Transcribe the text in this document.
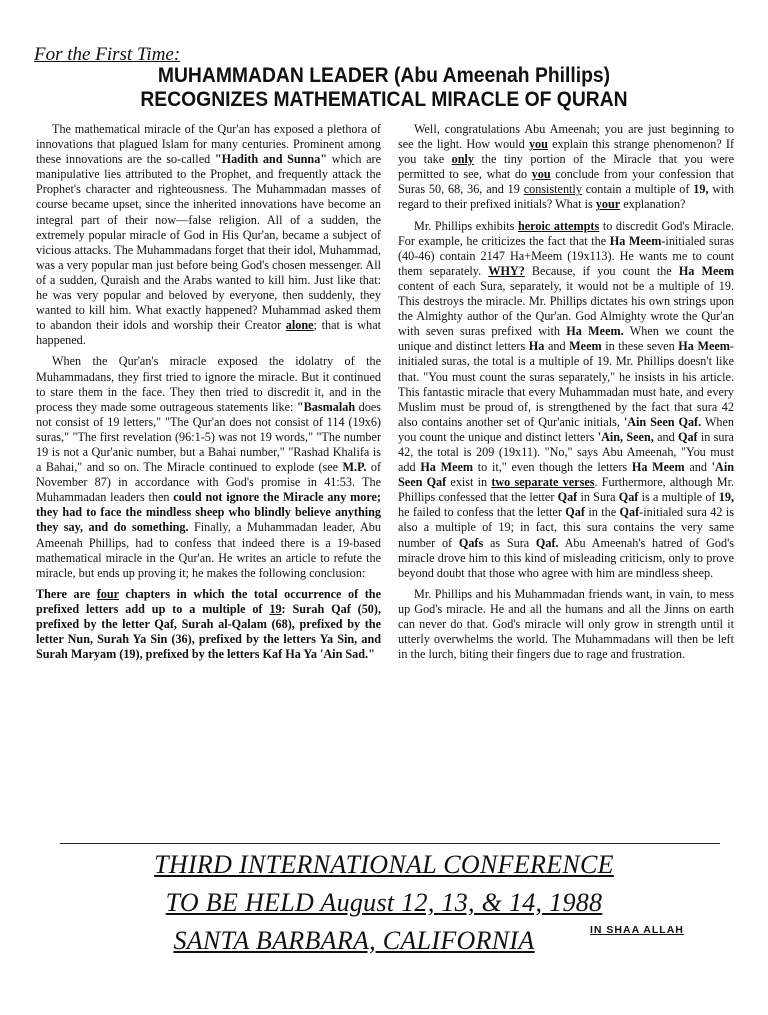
For the First Time:
MUHAMMADAN LEADER (Abu Ameenah Phillips)
RECOGNIZES MATHEMATICAL MIRACLE OF QURAN

The mathematical miracle of the Qur'an has exposed a plethora of innovations that plagued Islam for many centuries. Prominent among these innovations are the so-called "Hadith and Sunna" which are manipulative lies attributed to the Prophet, and frequently attack the Prophet's character and righteousness. The Muhammadan masses of course became upset, since the inherited innovations have become an integral part of their now—false religion. All of a sudden, the extremely popular miracle of God in His Qur'an, became a subject of vicious attacks. The Muhammadans forget that their idol, Muhammad, was a very popular man just before being God's chosen messenger. All of a sudden, Quraish and the Arabs wanted to kill him. Just like that: he was very popular and beloved by everyone, then suddenly, they wanted to kill him. What exactly happened? Muhammad asked them to abandon their idols and worship their Creator alone; that is what happened.

When the Qur'an's miracle exposed the idolatry of the Muhammadans, they first tried to ignore the miracle. But it continued to stare them in the face. They then tried to discredit it, and in the process they made some outrageous statements like: "Basmalah does not consist of 19 letters," "The Qur'an does not consist of 114 (19x6) suras," "The first revelation (96:1-5) was not 19 words," "The number 19 is not a Qur'anic number, but a Bahai number," "Rashad Khalifa is a Bahai," and so on. The Miracle continued to explode (see M.P. of November 87) in accordance with God's promise in 41:53. The Muhammadan leaders then could not ignore the Miracle any more; they had to face the mindless sheep who blindly believe anything they say, and do something. Finally, a Muhammadan leader, Abu Ameenah Phillips, had to confess that indeed there is a 19-based mathematical miracle in the Qur'an. He writes an article to refute the miracle, but ends up proving it; he makes the following conclusion:

There are four chapters in which the total occurrence of the prefixed letters add up to a multiple of 19: Surah Qaf (50), prefixed by the letter Qaf, Surah al-Qalam (68), prefixed by the letter Nun, Surah Ya Sin (36), prefixed by the letters Ya Sin, and Surah Maryam (19), prefixed by the letters Kaf Ha Ya 'Ain Sad."

Well, congratulations Abu Ameenah; you are just beginning to see the light. How would you explain this strange phenomenon? If you take only the tiny portion of the Miracle that you were permitted to see, what do you conclude from your confession that Suras 50, 68, 36, and 19 consistently contain a multiple of 19, with regard to their prefixed initials? What is your explanation?

Mr. Phillips exhibits heroic attempts to discredit God's Miracle. For example, he criticizes the fact that the Ha Meem-initialed suras (40-46) contain 2147 Ha+Meem (19x113). He wants me to count them separately. WHY? Because, if you count the Ha Meem content of each Sura, separately, it would not be a multiple of 19. This destroys the miracle. Mr. Phillips dictates his own strings upon the Almighty author of the Qur'an. God Almighty wrote the Qur'an with seven suras prefixed with Ha Meem. When we count the unique and distinct letters Ha and Meem in these seven Ha Meem-initialed suras, the total is a multiple of 19. Mr. Phillips doesn't like that. "You must count the suras separately," he insists in his article. This fantastic miracle that every Muhammadan must hate, and every Muslim must be proud of, is strengthened by the fact that sura 42 also contains another set of Qur'anic initials, 'Ain Seen Qaf. When you count the unique and distinct letters 'Ain, Seen, and Qaf in sura 42, the total is 209 (19x11). "No," says Abu Ameenah, "You must add Ha Meem to it," even though the letters Ha Meem and 'Ain Seen Qaf exist in two separate verses. Furthermore, although Mr. Phillips confessed that the letter Qaf in Sura Qaf is a multiple of 19, he failed to confess that the letter Qaf in the Qaf-initialed sura 42 is also a multiple of 19; in fact, this sura contains the very same number of Qafs as Sura Qaf. Abu Ameenah's hatred of God's miracle drove him to this kind of misleading criticism, only to prove beyond doubt that those who agree with him are mindless sheep.

Mr. Phillips and his Muhammadan friends want, in vain, to mess up God's miracle. He and all the humans and all the Jinns on earth can never do that. God's miracle will only grow in strength until it utterly overwhelms the world. The Muhammadans will then be left in the lurch, biting their fingers due to rage and frustration.

THIRD INTERNATIONAL CONFERENCE
TO BE HELD August 12, 13, & 14, 1988
SANTA BARBARA, CALIFORNIA	IN SHAA ALLAH
